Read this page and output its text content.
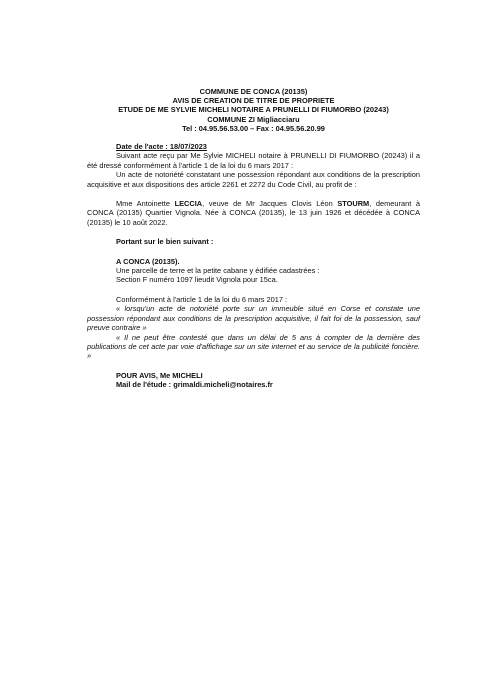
COMMUNE DE CONCA (20135)
AVIS DE CREATION DE TITRE DE PROPRIETE
ETUDE DE ME SYLVIE MICHELI NOTAIRE A PRUNELLI DI FIUMORBO (20243)
COMMUNE ZI Migliacciaru
Tel : 04.95.56.53.00 – Fax : 04.95.56.20.99
Date de l'acte : 18/07/2023

Suivant acte reçu par Me Sylvie MICHELI notaire à PRUNELLI DI FIUMORBO (20243) il a été dressé conformément à l'article 1 de la loi du 6 mars 2017 :

Un acte de notoriété constatant une possession répondant aux conditions de la prescription acquisitive et aux dispositions des article 2261 et 2272 du Code Civil, au profit de :

Mme Antoinette LECCIA, veuve de Mr Jacques Clovis Léon STOURM, demeurant à CONCA (20135) Quartier Vignola. Née à CONCA (20135), le 13 juin 1926 et décédée à CONCA (20135) le 10 août 2022.

Portant sur le bien suivant :
A CONCA (20135).
Une parcelle de terre et la petite cabane y édifiée cadastrées :
Section F numéro 1097 lieudit Vignola pour 15ca.
Conformément à l'article 1 de la loi du 6 mars 2017 :

« lorsqu'un acte de notoriété porte sur un immeuble situé en Corse et constate une possession répondant aux conditions de la prescription acquisitive, il fait foi de la possession, sauf preuve contraire »

« Il ne peut être contesté que dans un délai de 5 ans à compter de la dernière des publications de cet acte par voie d'affichage sur un site internet et au service de la publicité foncière. »

POUR AVIS, Me MICHELI
Mail de l'étude : grimaldi.micheli@notaires.fr
